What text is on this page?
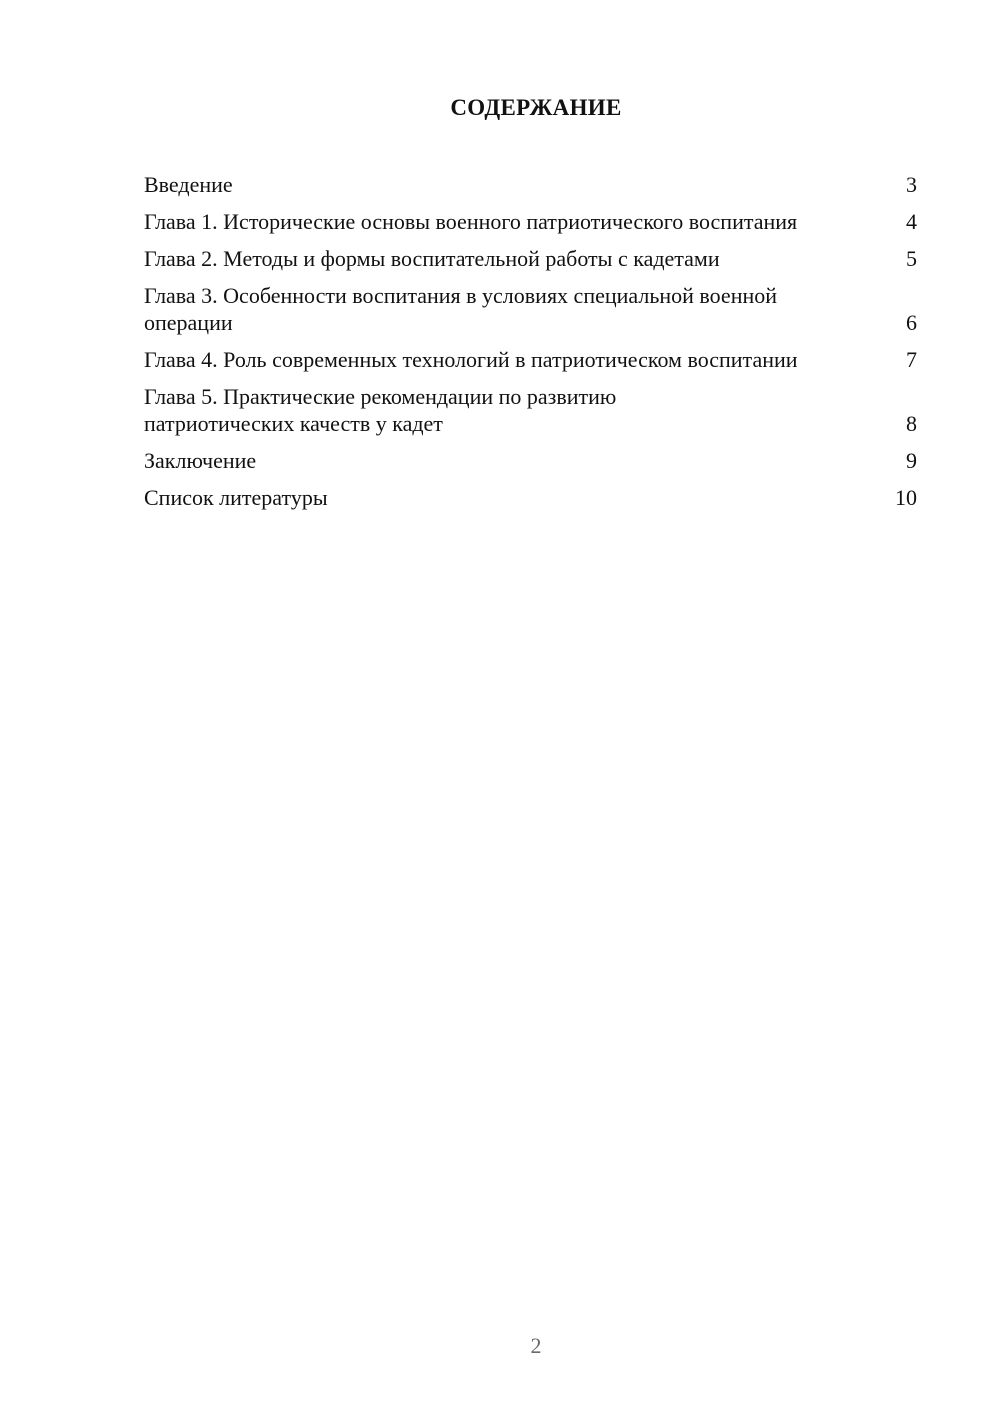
СОДЕРЖАНИЕ
Введение	3
Глава 1. Исторические основы военного патриотического воспитания	4
Глава 2. Методы и формы воспитательной работы с кадетами	5
Глава 3. Особенности воспитания в условиях специальной военной операции	6
Глава 4. Роль современных технологий в патриотическом воспитании	7
Глава 5. Практические рекомендации по развитию патриотических качеств у кадет	8
Заключение	9
Список литературы	10
2
